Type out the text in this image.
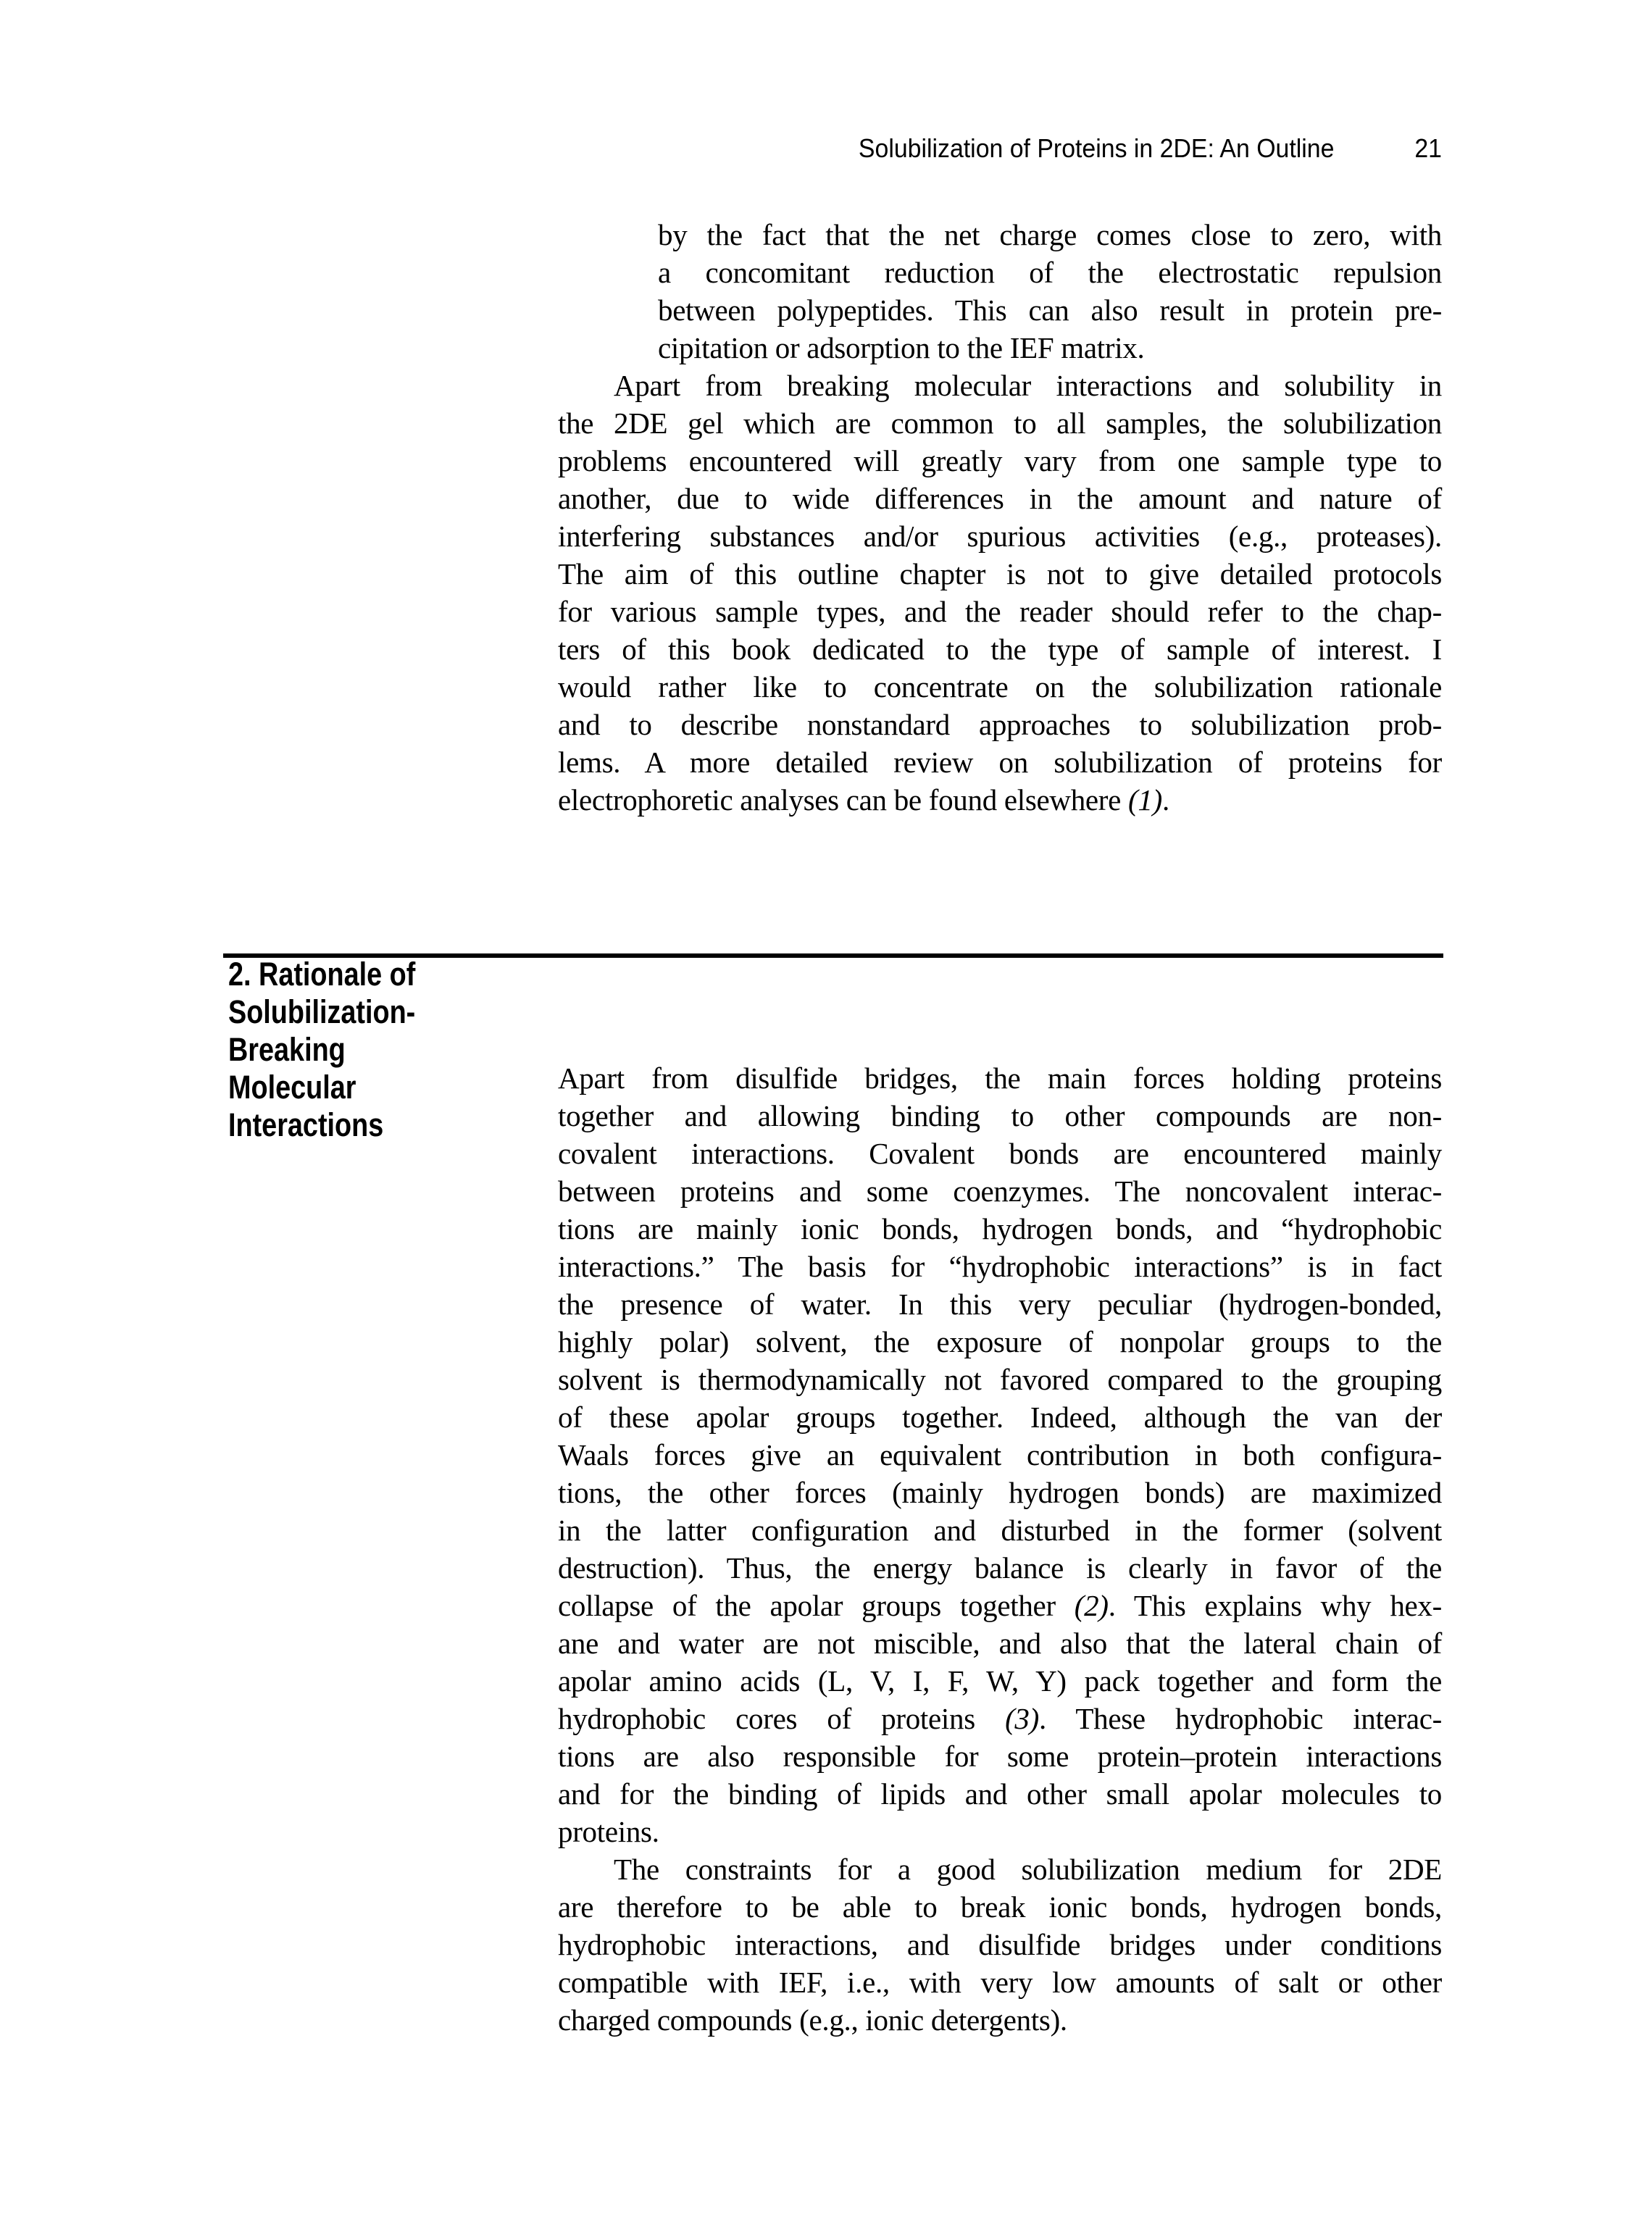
Solubilization of Proteins in 2DE: An Outline	21
by the fact that the net charge comes close to zero, with
a concomitant reduction of the electrostatic repulsion
between polypeptides. This can also result in protein pre-
cipitation or adsorption to the IEF matrix.
Apart from breaking molecular interactions and solubility in
the 2DE gel which are common to all samples, the solubilization
problems encountered will greatly vary from one sample type to
another, due to wide differences in the amount and nature of
interfering substances and/or spurious activities (e.g., proteases).
The aim of this outline chapter is not to give detailed protocols
for various sample types, and the reader should refer to the chap-
ters of this book dedicated to the type of sample of interest. I
would rather like to concentrate on the solubilization rationale
and to describe nonstandard approaches to solubilization prob-
lems. A more detailed review on solubilization of proteins for
electrophoretic analyses can be found elsewhere (1).
2. Rationale of
Solubilization-
Breaking
Molecular
Interactions
Apart from disulfide bridges, the main forces holding proteins
together and allowing binding to other compounds are non-
covalent interactions. Covalent bonds are encountered mainly
between proteins and some coenzymes. The noncovalent interac-
tions are mainly ionic bonds, hydrogen bonds, and “hydrophobic
interactions.” The basis for “hydrophobic interactions” is in fact
the presence of water. In this very peculiar (hydrogen-bonded,
highly polar) solvent, the exposure of nonpolar groups to the
solvent is thermodynamically not favored compared to the grouping
of these apolar groups together. Indeed, although the van der
Waals forces give an equivalent contribution in both configura-
tions, the other forces (mainly hydrogen bonds) are maximized
in the latter configuration and disturbed in the former (solvent
destruction). Thus, the energy balance is clearly in favor of the
collapse of the apolar groups together (2). This explains why hex-
ane and water are not miscible, and also that the lateral chain of
apolar amino acids (L, V, I, F, W, Y) pack together and form the
hydrophobic cores of proteins (3). These hydrophobic interac-
tions are also responsible for some protein–protein interactions
and for the binding of lipids and other small apolar molecules to
proteins.
The constraints for a good solubilization medium for 2DE
are therefore to be able to break ionic bonds, hydrogen bonds,
hydrophobic interactions, and disulfide bridges under conditions
compatible with IEF, i.e., with very low amounts of salt or other
charged compounds (e.g., ionic detergents).
